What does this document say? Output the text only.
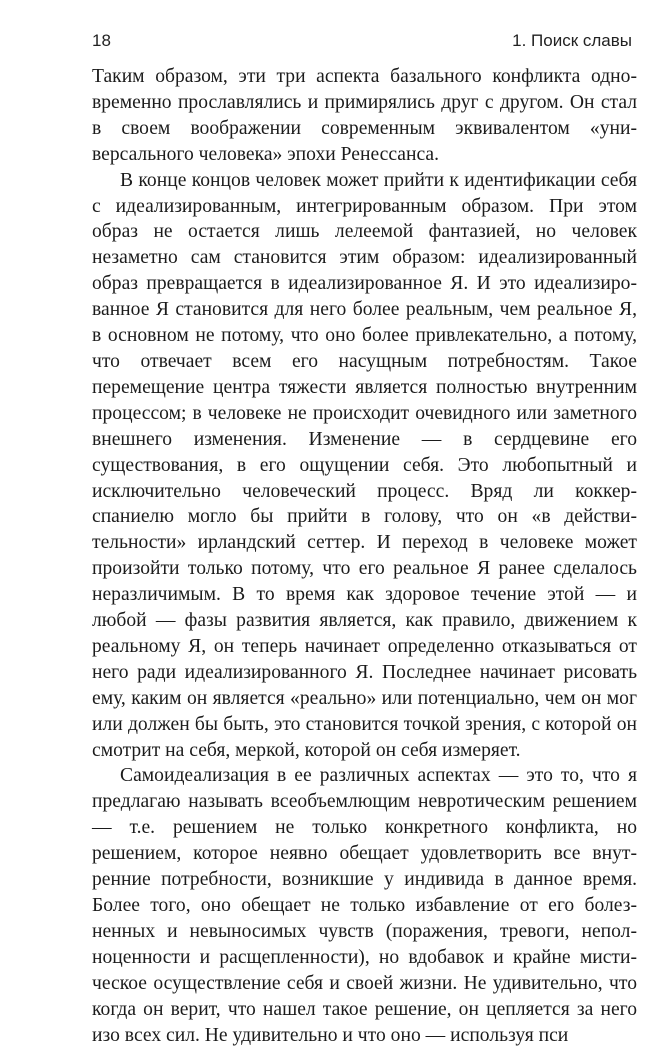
18	1. Поиск славы

Таким образом, эти три аспекта базального конфликта одновременно прославлялись и примирялись друг с другом. Он стал в своем воображении современным эквивалентом «универсального человека» эпохи Ренессанса.

В конце концов человек может прийти к идентификации себя с идеализированным, интегрированным образом. При этом образ не остается лишь лелеемой фантазией, но человек незаметно сам становится этим образом: идеализированный образ превращается в идеализированное Я. И это идеализированное Я становится для него более реальным, чем реальное Я, в основном не потому, что оно более привлекательно, а потому, что отвечает всем его насущным потребностям. Такое перемещение центра тяжести является полностью внутренним процессом; в человеке не происходит очевидного или заметного внешнего изменения. Изменение — в сердцевине его существования, в его ощущении себя. Это любопытный и исключительно человеческий процесс. Вряд ли коккер-спаниелю могло бы прийти в голову, что он «в действительности» ирландский сеттер. И переход в человеке может произойти только потому, что его реальное Я ранее сделалось неразличимым. В то время как здоровое течение этой — и любой — фазы развития является, как правило, движением к реальному Я, он теперь начинает определенно отказываться от него ради идеализированного Я. Последнее начинает рисовать ему, каким он является «реально» или потенциально, чем он мог или должен бы быть, это становится точкой зрения, с которой он смотрит на себя, меркой, которой он себя измеряет.

Самоидеализация в ее различных аспектах — это то, что я предлагаю называть всеобъемлющим невротическим решением — т.е. решением не только конкретного конфликта, но решением, которое неявно обещает удовлетворить все внутренние потребности, возникшие у индивида в данное время. Более того, оно обещает не только избавление от его болезненных и невыносимых чувств (поражения, тревоги, неполноценности и расщепленности), но вдобавок и крайне мистическое осуществление себя и своей жизни. Не удивительно, что когда он верит, что нашел такое решение, он цепляется за него изо всех сил. Не удивительно и что оно — используя пси
